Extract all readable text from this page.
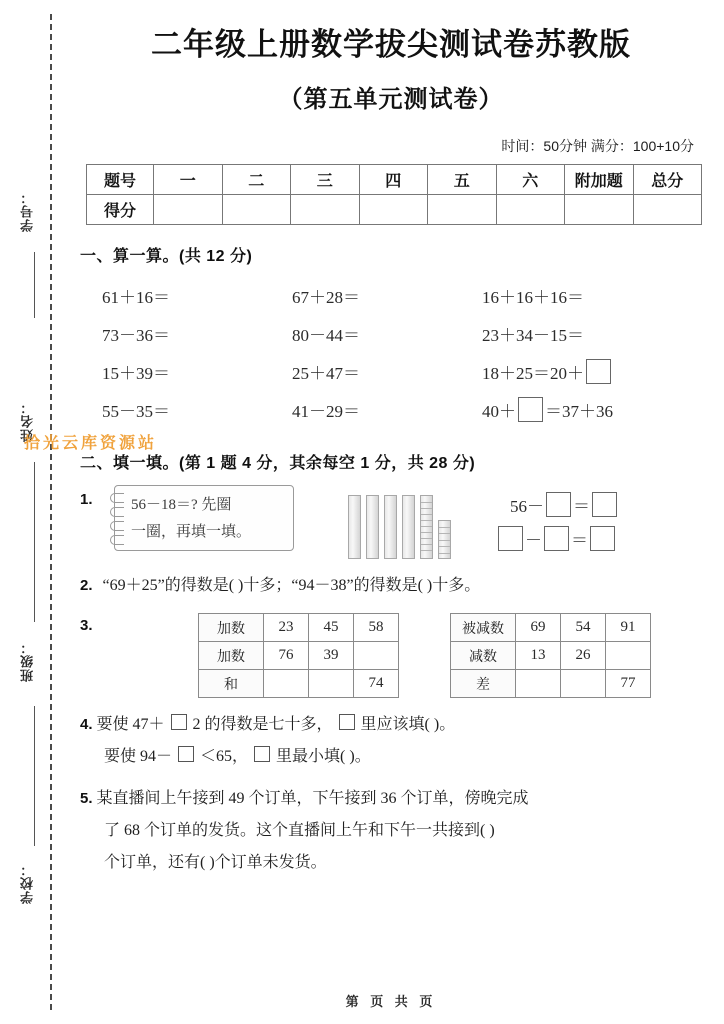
学号：
姓名：
班级：
学校：
拾光云库资源站
二年级上册数学拔尖测试卷苏教版
（第五单元测试卷）
时间：50分钟 满分：100+10分
题号	一	二	三	四	五	六	附加题	总分
得分								
一、算一算。(共 12 分)
61＋16＝	67＋28＝	16＋16＋16＝
73－36＝	80－44＝	23＋34－15＝
15＋39＝	25＋47＝	18＋25＝20＋
55－35＝	41－29＝	40＋ ＝37＋36
二、填一填。(第 1 题 4 分，其余每空 1 分，共 28 分)
1.	56－18＝? 先圈
一圈，再填一填。
56－ ＝
－ ＝
2. “69＋25”的得数是( )十多；“94－38”的得数是( )十多。
3.	加数	23	45	58
加数	76	39	
和			74
被减数	69	54	91
减数	13	26	
差			77
4. 要使 47＋ 2 的得数是七十多， 里应该填( )。
要使 94－ ＜65， 里最小填( )。
5. 某直播间上午接到 49 个订单，下午接到 36 个订单，傍晚完成
了 68 个订单的发货。这个直播间上午和下午一共接到( )
个订单，还有( )个订单未发货。
第 页 共 页
